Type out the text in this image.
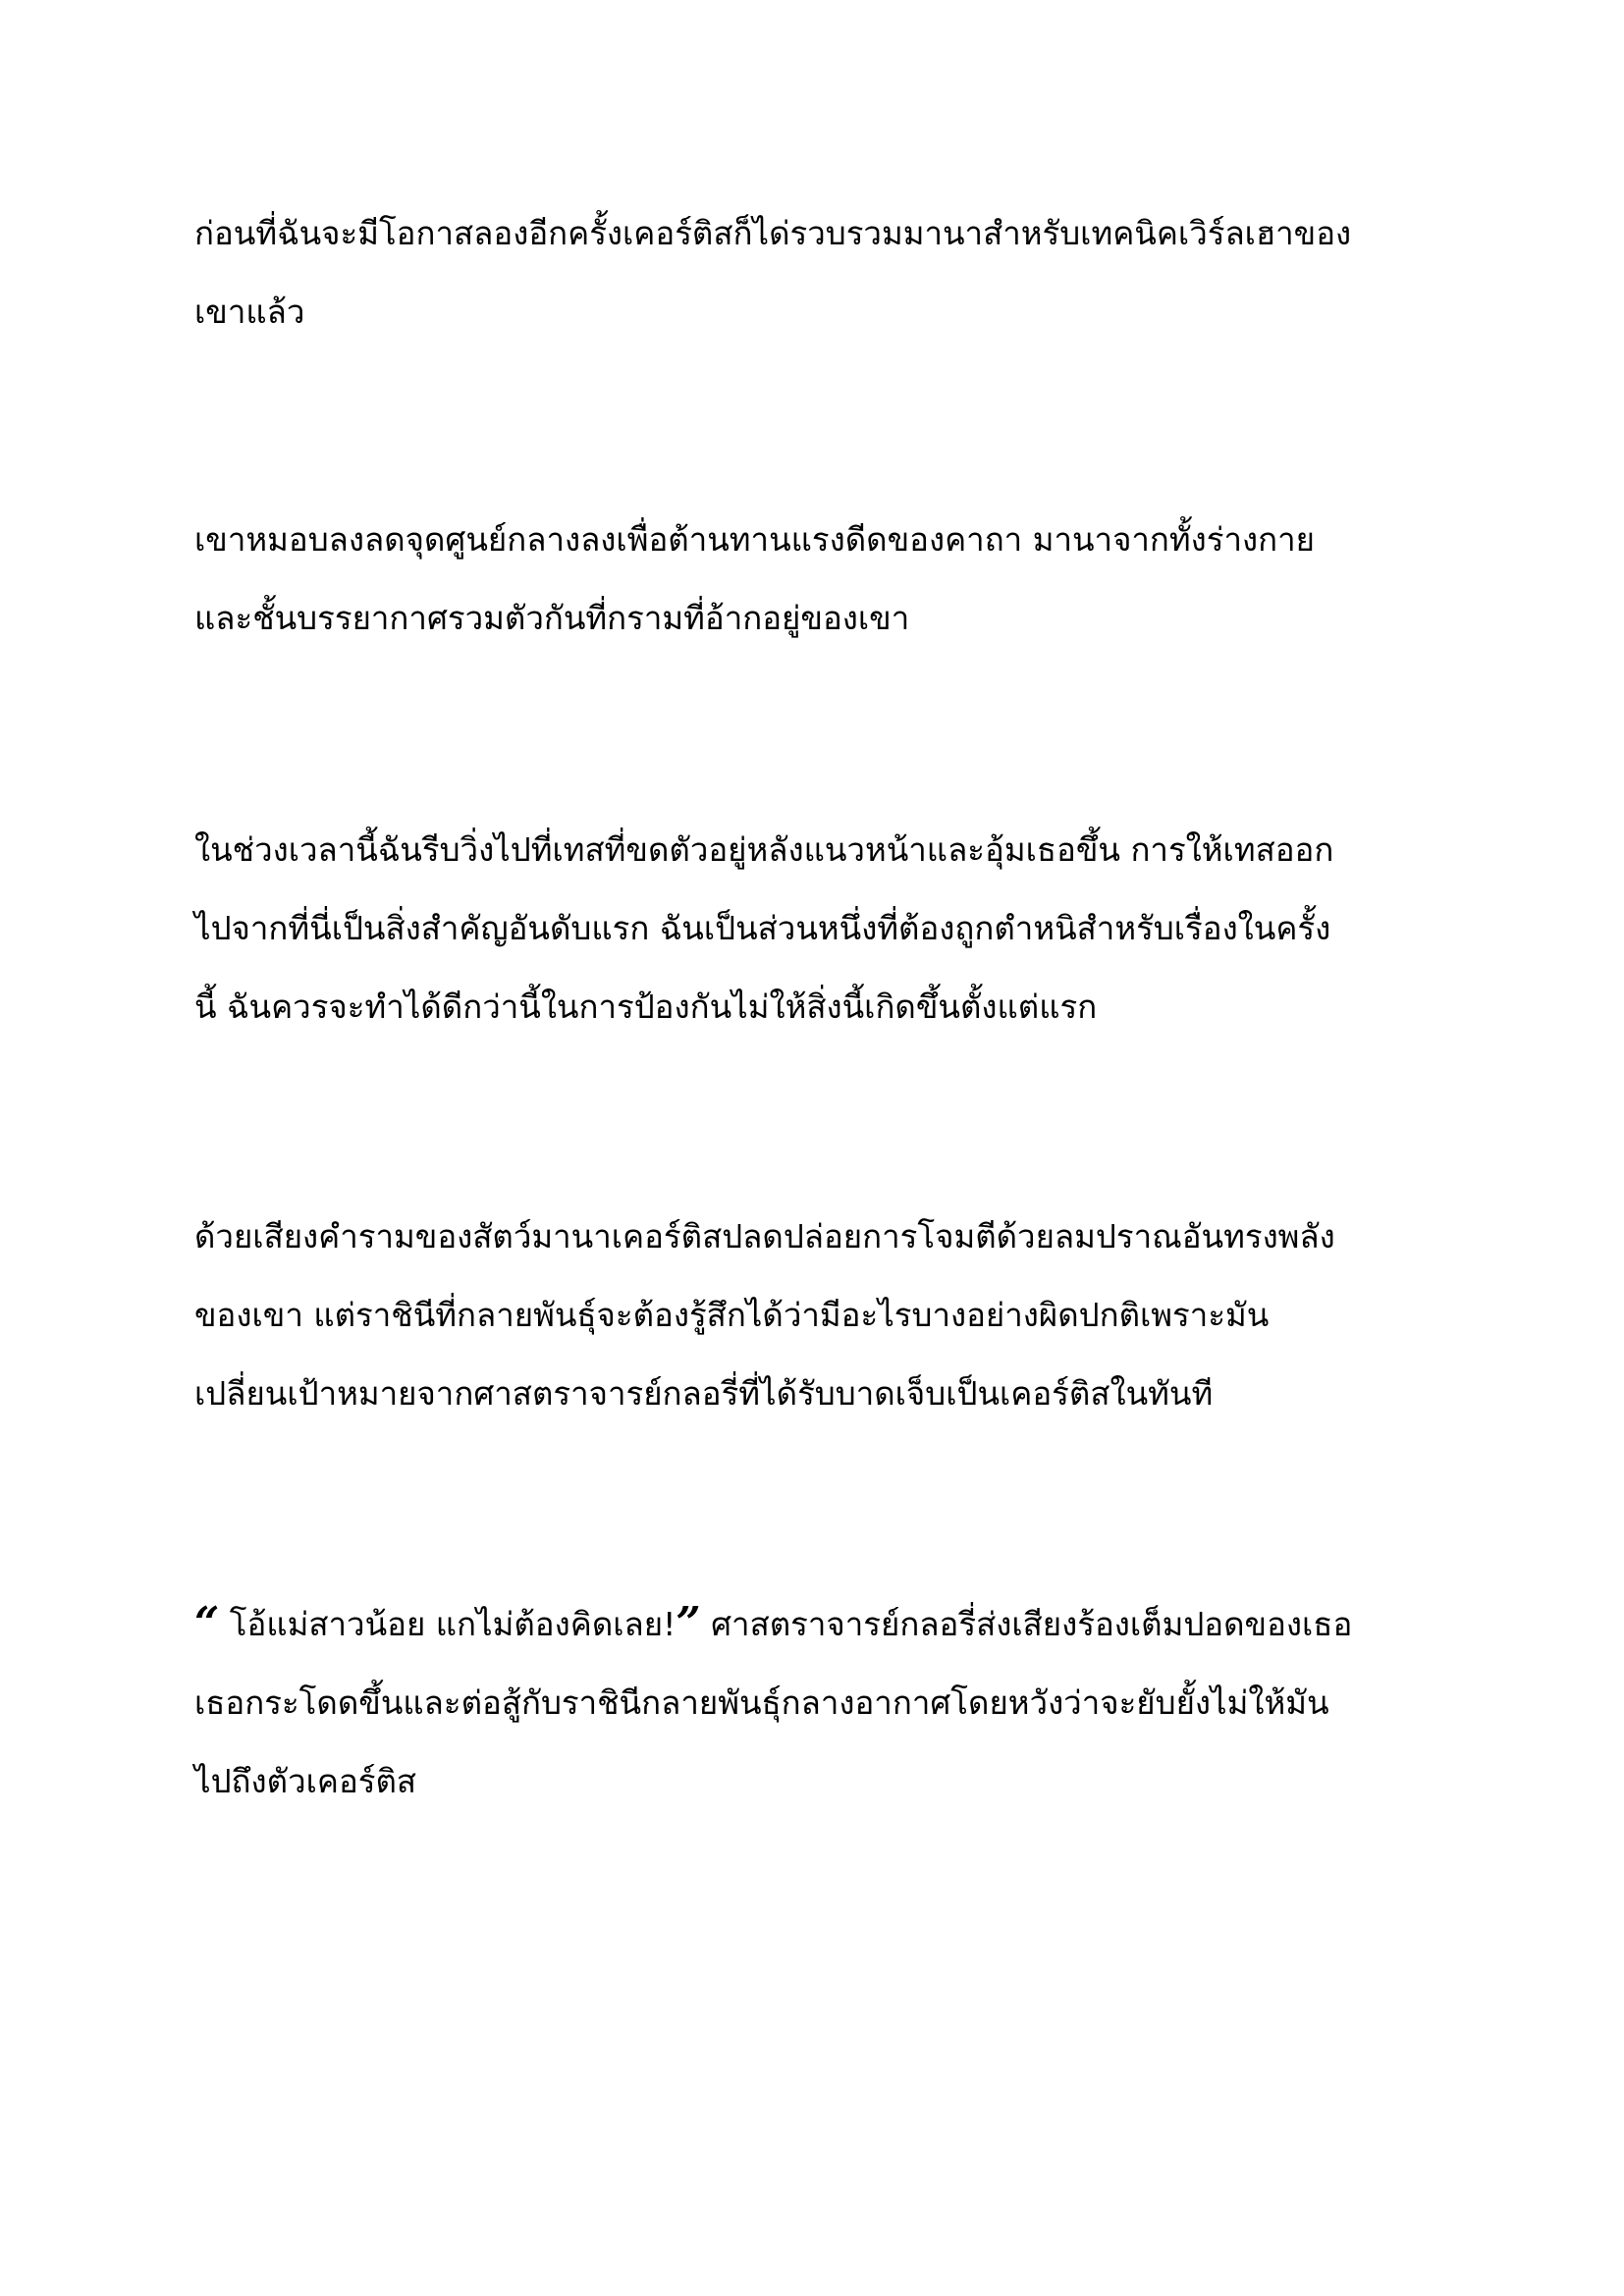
ก่อนที่ฉันจะมีโอกาสลองอีกครั้งเคอร์ติสก็ได่รวบรวมมานาสำหรับเทคนิคเวิร์ลเฮาของ
เขาแล้ว

เขาหมอบลงลดจุดศูนย์กลางลงเพื่อต้านทานแรงดีดของคาถา มานาจากทั้งร่างกาย
และชั้นบรรยากาศรวมตัวกันที่กรามที่อ้ากอยู่ของเขา

ในช่วงเวลานี้ฉันรีบวิ่งไปที่เทสที่ขดตัวอยู่หลังแนวหน้าและอุ้มเธอขึ้น การให้เทสออก
ไปจากที่นี่เป็นสิ่งสำคัญอันดับแรก ฉันเป็นส่วนหนึ่งที่ต้องถูกตำหนิสำหรับเรื่องในครั้ง
นี้ ฉันควรจะทำได้ดีกว่านี้ในการป้องกันไม่ให้สิ่งนี้เกิดขึ้นตั้งแต่แรก

ด้วยเสียงคำรามของสัตว์มานาเคอร์ติสปลดปล่อยการโจมตีด้วยลมปราณอันทรงพลัง
ของเขา แต่ราชินีที่กลายพันธุ์จะต้องรู้สึกได้ว่ามีอะไรบางอย่างผิดปกติเพราะมัน
เปลี่ยนเป้าหมายจากศาสตราจารย์กลอรี่ที่ได้รับบาดเจ็บเป็นเคอร์ติสในทันที

“ โอ้แม่สาวน้อย แกไม่ต้องคิดเลย!” ศาสตราจารย์กลอรี่ส่งเสียงร้องเต็มปอดของเธอ
เธอกระโดดขึ้นและต่อสู้กับราชินีกลายพันธุ์กลางอากาศโดยหวังว่าจะยับยั้งไม่ให้มัน
ไปถึงตัวเคอร์ติส
